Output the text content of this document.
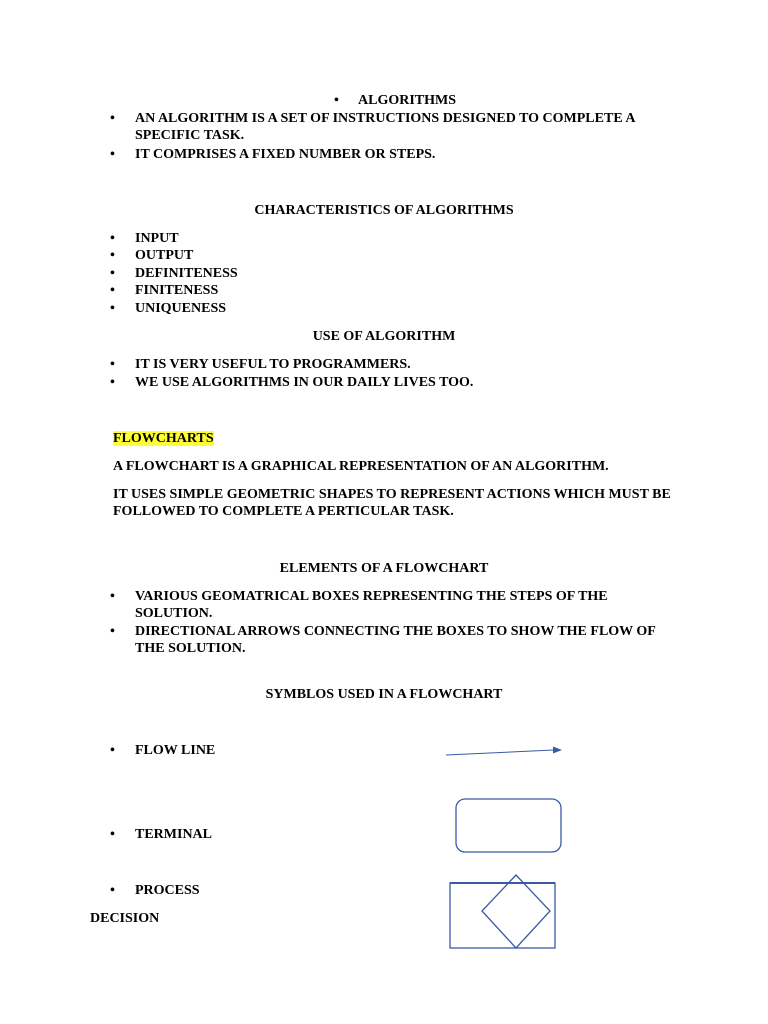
• ALGORITHMS
• AN ALGORITHM IS A SET OF INSTRUCTIONS DESIGNED TO COMPLETE A
SPECIFIC TASK.
• IT COMPRISES A FIXED NUMBER OR STEPS.
CHARACTERISTICS OF ALGORITHMS
• INPUT
• OUTPUT
• DEFINITENESS
• FINITENESS
• UNIQUENESS
USE OF ALGORITHM
• IT IS VERY USEFUL TO PROGRAMMERS.
• WE USE ALGORITHMS IN OUR DAILY LIVES TOO.
FLOWCHARTS
A FLOWCHART IS A GRAPHICAL REPRESENTATION OF AN ALGORITHM.
IT USES SIMPLE GEOMETRIC SHAPES TO REPRESENT ACTIONS WHICH MUST BE
FOLLOWED TO COMPLETE A PERTICULAR TASK.
ELEMENTS OF A FLOWCHART
• VARIOUS GEOMATRICAL BOXES REPRESENTING THE STEPS OF THE
SOLUTION.
• DIRECTIONAL ARROWS CONNECTING THE BOXES TO SHOW THE FLOW OF
THE SOLUTION.
SYMBLOS USED IN A FLOWCHART
• FLOW LINE
• TERMINAL
• PROCESS
DECISION
